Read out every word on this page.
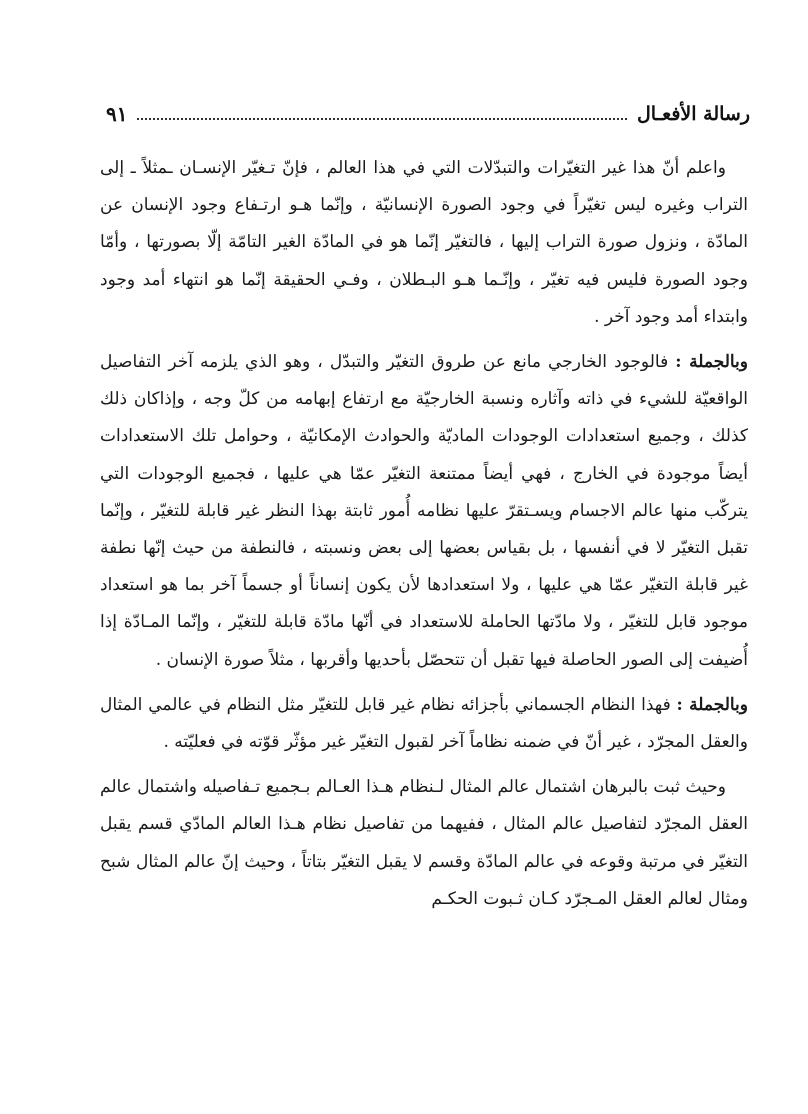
رسالة الأفعـال
٩١

واعلم أنّ هذا غير التغيّرات والتبدّلات التي في هذا العالم ، فإنّ تـغيّر الإنسـان ـمثلاً ـ إلى التراب وغيره ليس تغيّراً في وجود الصورة الإنسانيّة ، وإنّما هـو ارتـفاع وجود الإنسان عن المادّة ، ونزول صورة التراب إليها ، فالتغيّر إنّما هو في المادّة الغير التامّة إلّا بصورتها ، وأمّا وجود الصورة فليس فيه تغيّر ، وإنّـما هـو البـطلان ، وفـي الحقيقة إنّما هو انتهاء أمد وجود وابتداء أمد وجود آخر .

وبالجملة : فالوجود الخارجي مانع عن طروق التغيّر والتبدّل ، وهو الذي يلزمه آخر التفاصيل الواقعيّة للشيء في ذاته وآثاره ونسبة الخارجيّة مع ارتفاع إبهامه من كلّ وجه ، وإذاكان ذلك كذلك ، وجميع استعدادات الوجودات الماديّة والحوادث الإمكانيّة ، وحوامل تلك الاستعدادات أيضاً موجودة في الخارج ، فهي أيضاً ممتنعة التغيّر عمّا هي عليها ، فجميع الوجودات التي يتركّب منها عالم الاجسام ويسـتقرّ عليها نظامه أُمور ثابتة بهذا النظر غير قابلة للتغيّر ، وإنّما تقبل التغيّر لا في أنفسها ، بل بقياس بعضها إلى بعض ونسبته ، فالنطفة من حيث إنّها نطفة غير قابلة التغيّر عمّا هي عليها ، ولا استعدادها لأن يكون إنساناً أو جسماً آخر بما هو استعداد موجود قابل للتغيّر ، ولا مادّتها الحاملة للاستعداد في أنّها مادّة قابلة للتغيّر ، وإنّما المـادّة إذا أُضيفت إلى الصور الحاصلة فيها تقبل أن تتحصّل بأحديها وأقربها ، مثلاً صورة الإنسان .

وبالجملة : فهذا النظام الجسماني بأجزائه نظام غير قابل للتغيّر مثل النظام في عالمي المثال والعقل المجرّد ، غير أنّ في ضمنه نظاماً آخر لقبول التغيّر غير مؤثّر قوّته في فعليّته .

وحيث ثبت بالبرهان اشتمال عالم المثال لـنظام هـذا العـالم بـجميع تـفاصيله واشتمال عالم العقل المجرّد لتفاصيل عالم المثال ، ففيهما من تفاصيل نظام هـذا العالم المادّي قسم يقبل التغيّر في مرتبة وقوعه في عالم المادّة وقسم لا يقبل التغيّر بتاتاً ، وحيث إنّ عالم المثال شبح ومثال لعالم العقل المـجرّد كـان ثـبوت الحكـم
